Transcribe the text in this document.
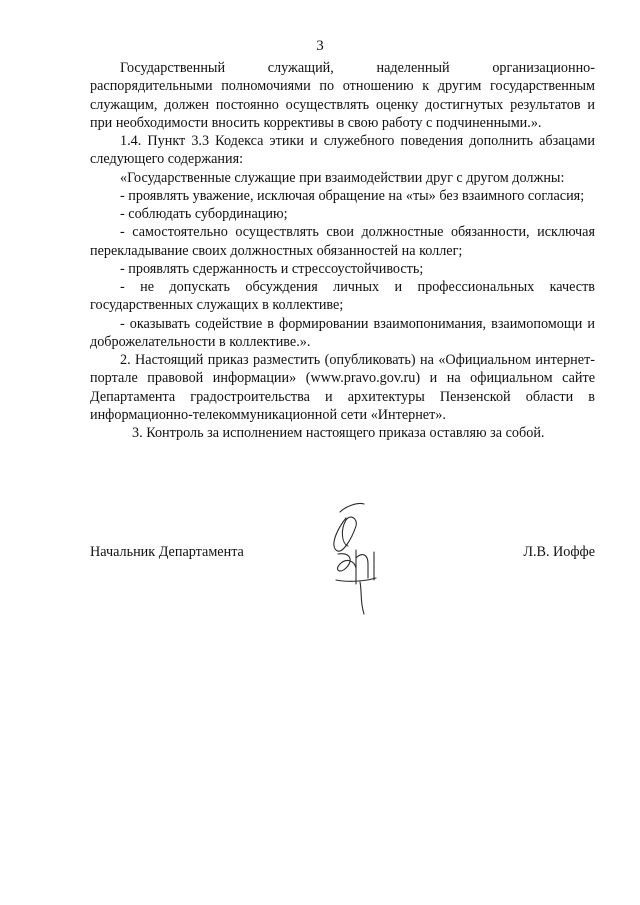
3

Государственный служащий, наделенный организационно-распорядительными полномочиями по отношению к другим государственным служащим, должен постоянно осуществлять оценку достигнутых результатов и при необходимости вносить коррективы в свою работу с подчиненными.».

1.4. Пункт 3.3 Кодекса этики и служебного поведения дополнить абзацами следующего содержания:

«Государственные служащие при взаимодействии друг с другом должны:

- проявлять уважение, исключая обращение на «ты» без взаимного согласия;

- соблюдать субординацию;

- самостоятельно осуществлять свои должностные обязанности, исключая перекладывание своих должностных обязанностей на коллег;

- проявлять сдержанность и стрессоустойчивость;

- не допускать обсуждения личных и профессиональных качеств государственных служащих в коллективе;

- оказывать содействие в формировании взаимопонимания, взаимопомощи и доброжелательности в коллективе.».

2. Настоящий приказ разместить (опубликовать) на «Официальном интернет-портале правовой информации» (www.pravo.gov.ru) и на официальном сайте Департамента градостроительства и архитектуры Пензенской области в информационно-телекоммуникационной сети «Интернет».

3. Контроль за исполнением настоящего приказа оставляю за собой.

Начальник Департамента	Л.В. Иоффе
